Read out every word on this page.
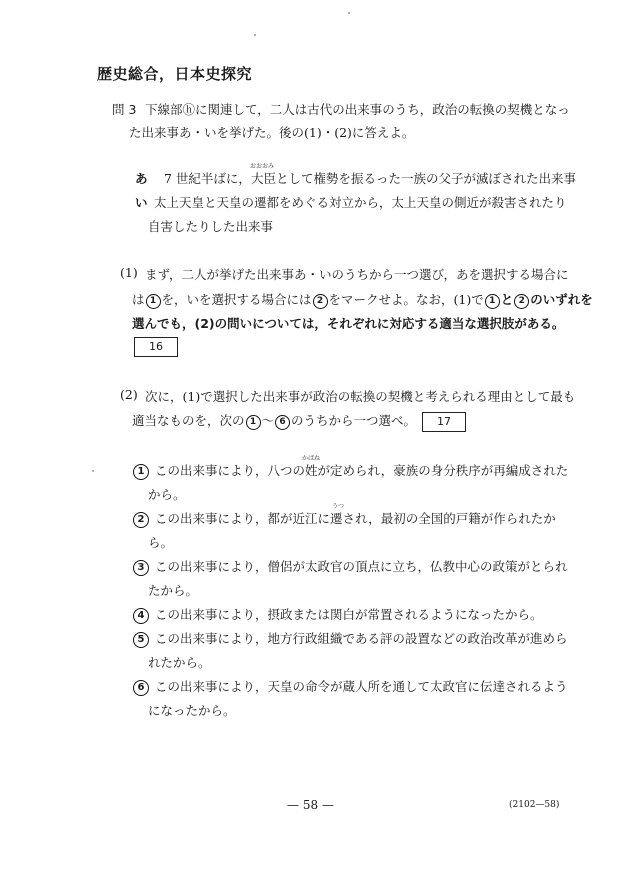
歴史総合，日本史探究
問 3 下線部ⓗに関連して，二人は古代の出来事のうち，政治の転換の契機となっ
た出来事あ・いを挙げた。後の(1)・(2)に答えよ。
あ 7 世紀半ばに，
おおおみ
大臣として権勢を振るった一族の父子が滅ぼされた出来事
い 太上天皇と天皇の遷都をめぐる対立から，太上天皇の側近が殺害されたり
自害したりした出来事
(1) まず，二人が挙げた出来事あ・いのうちから一つ選び，あを選択する場合に
は 1 を，いを選択する場合には 2 をマークせよ。なお，(1)で 1 と 2 のいずれを
選んでも，(2)の問いについては，それぞれに対応する適当な選択肢がある。
16
(2) 次に，(1)で選択した出来事が政治の転換の契機と考えられる理由として最も
適当なものを，次の 1 ～ 6 のうちから一つ選べ。 17
1 この出来事により，八つの
かばね
姓が定められ，豪族の身分秩序が再編成された
から。
2 この出来事により，都が近江に
うつ
遷され，最初の全国的戸籍が作られたか
ら。
3 この出来事により，僧侶が太政官の頂点に立ち，仏教中心の政策がとられ
たから。
4 この出来事により，摂政または関白が常置されるようになったから。
5 この出来事により，地方行政組織である評の設置などの政治改革が進めら
れたから。
6 この出来事により，天皇の命令が蔵人所を通して太政官に伝達されるよう
になったから。
— 58 —	(2102—58)
